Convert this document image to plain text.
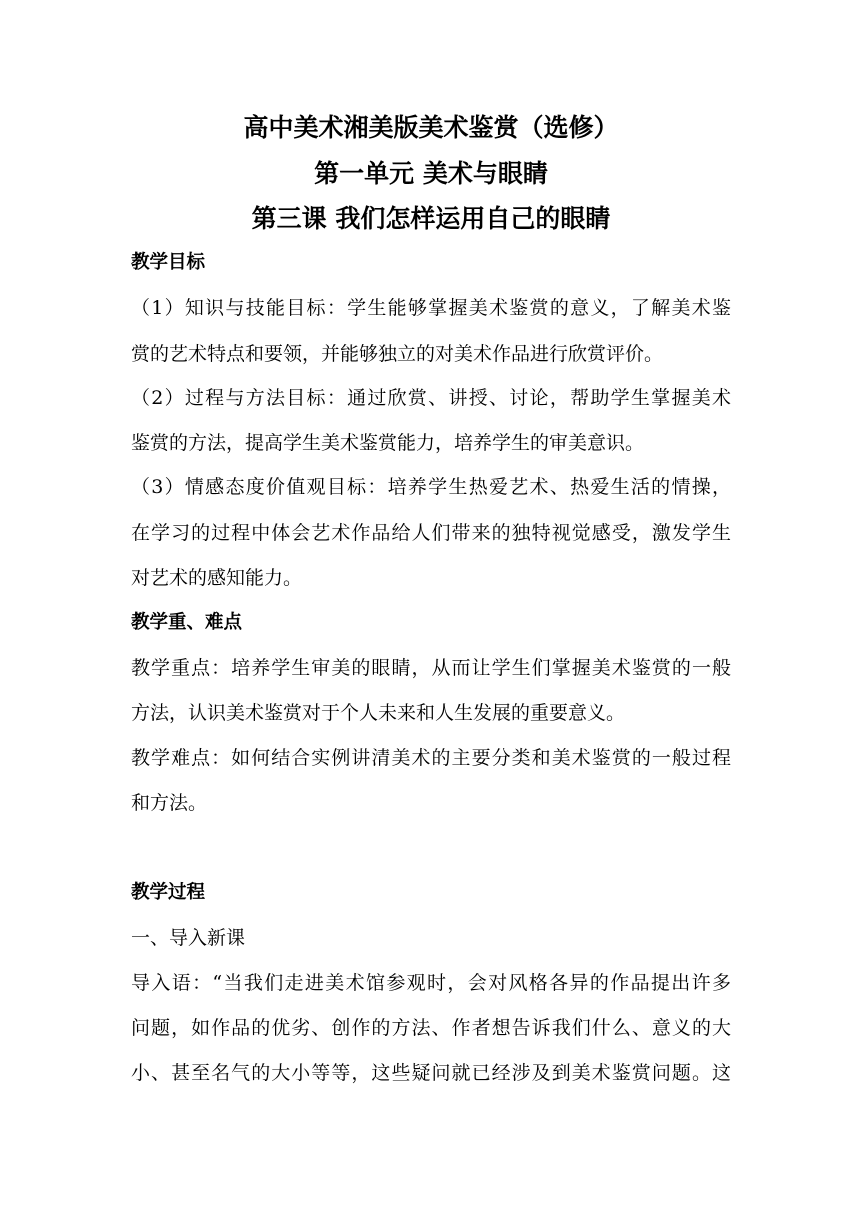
高中美术湘美版美术鉴赏（选修）
第一单元 美术与眼睛
第三课 我们怎样运用自己的眼睛
教学目标
（1）知识与技能目标：学生能够掌握美术鉴赏的意义，了解美术鉴
赏的艺术特点和要领，并能够独立的对美术作品进行欣赏评价。
（2）过程与方法目标：通过欣赏、讲授、讨论，帮助学生掌握美术
鉴赏的方法，提高学生美术鉴赏能力，培养学生的审美意识。
（3）情感态度价值观目标：培养学生热爱艺术、热爱生活的情操，
在学习的过程中体会艺术作品给人们带来的独特视觉感受，激发学生
对艺术的感知能力。
教学重、难点
教学重点：培养学生审美的眼睛，从而让学生们掌握美术鉴赏的一般
方法，认识美术鉴赏对于个人未来和人生发展的重要意义。
教学难点：如何结合实例讲清美术的主要分类和美术鉴赏的一般过程
和方法。
教学过程
一、导入新课
导入语：“当我们走进美术馆参观时，会对风格各异的作品提出许多
问题，如作品的优劣、创作的方法、作者想告诉我们什么、意义的大
小、甚至名气的大小等等，这些疑问就已经涉及到美术鉴赏问题。这
